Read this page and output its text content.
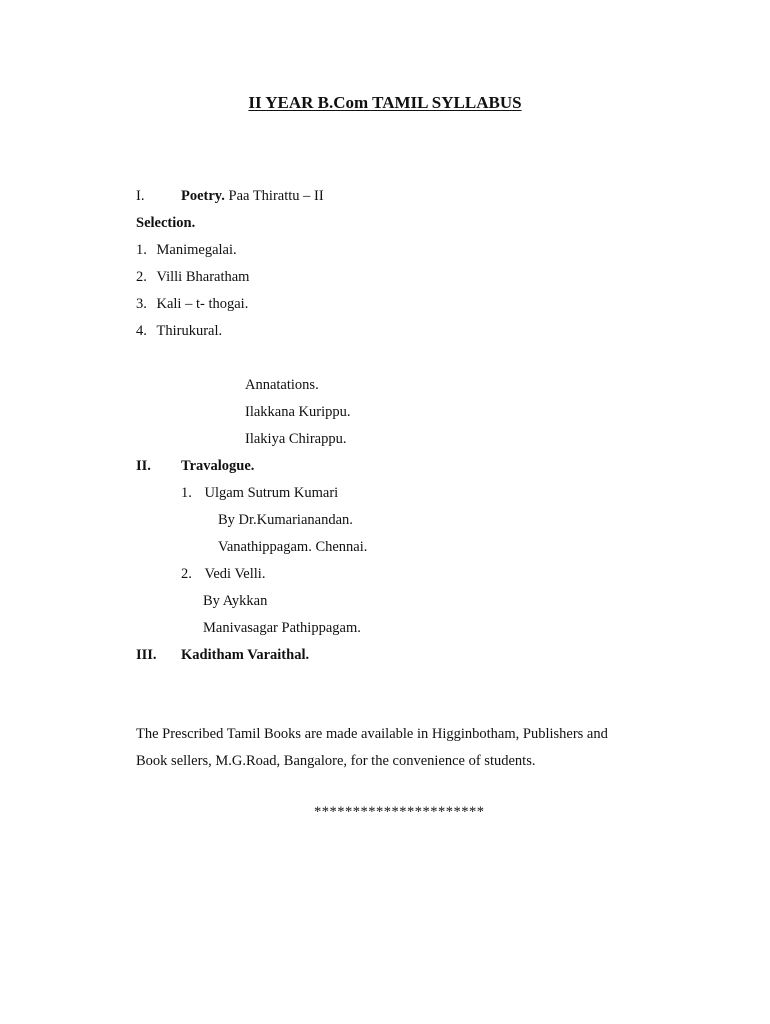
II YEAR B.Com TAMIL SYLLABUS
I.	Poetry. Paa Thirattu – II
Selection.
1. Manimegalai.
2. Villi Bharatham
3. Kali – t- thogai.
4. Thirukural.
Annatations.
Ilakkana Kurippu.
Ilakiya Chirappu.
II. Travalogue.
1. Ulgam Sutrum Kumari
By Dr.Kumarianandan.
Vanathippagam. Chennai.
2. Vedi Velli.
By Aykkan
Manivasagar Pathippagam.
III. Kaditham Varaithal.
The Prescribed Tamil Books are made available in Higginbotham, Publishers and
Book sellers, M.G.Road, Bangalore, for the convenience of students.
**********************
